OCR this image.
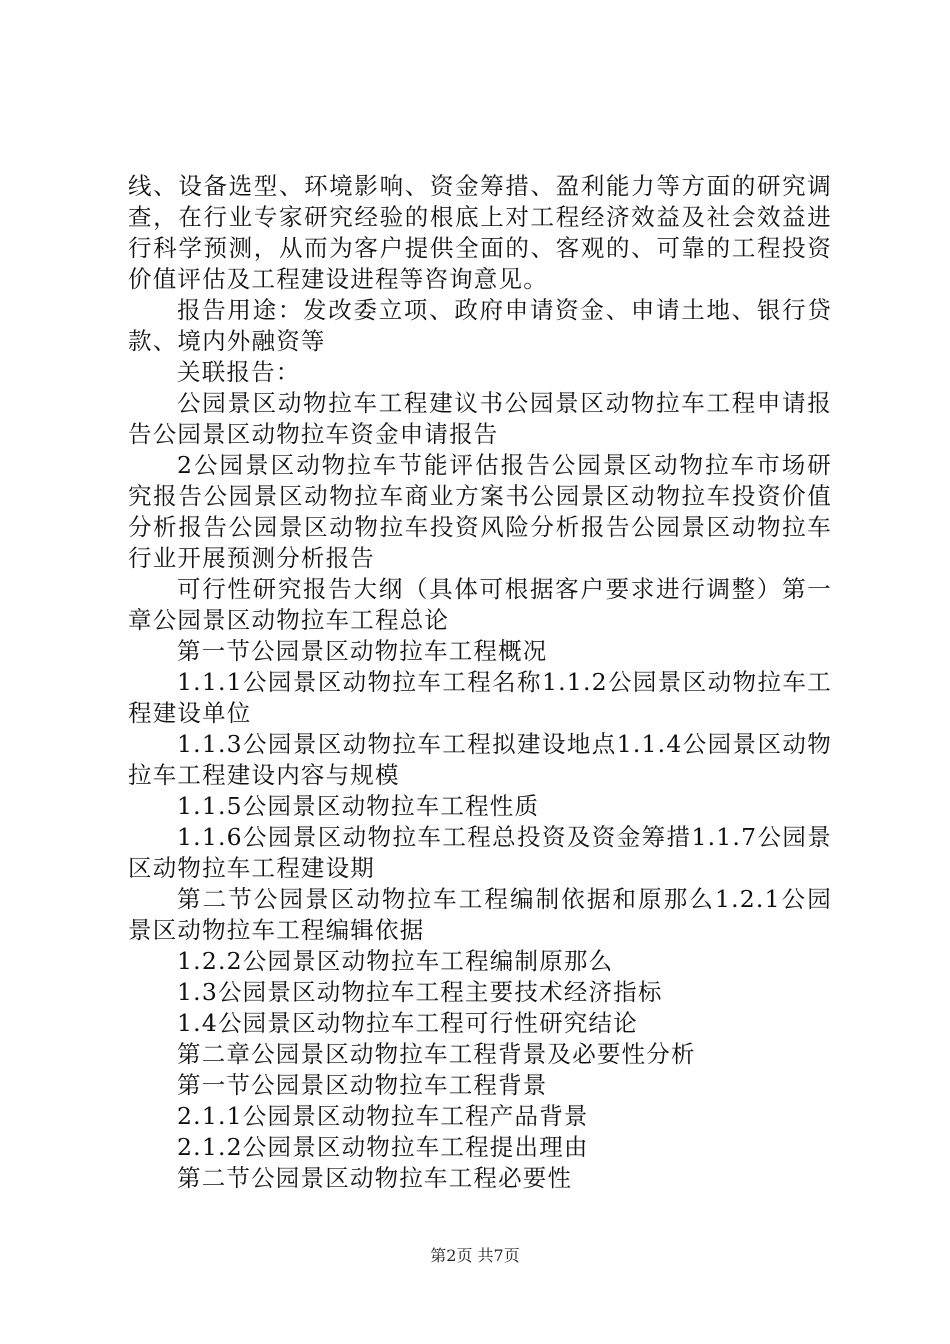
线、设备选型、环境影响、资金筹措、盈利能力等方面的研究调查，在行业专家研究经验的根底上对工程经济效益及社会效益进行科学预测，从而为客户提供全面的、客观的、可靠的工程投资价值评估及工程建设进程等咨询意见。

报告用途：发改委立项、政府申请资金、申请土地、银行贷款、境内外融资等

关联报告：

公园景区动物拉车工程建议书公园景区动物拉车工程申请报告公园景区动物拉车资金申请报告

2公园景区动物拉车节能评估报告公园景区动物拉车市场研究报告公园景区动物拉车商业方案书公园景区动物拉车投资价值分析报告公园景区动物拉车投资风险分析报告公园景区动物拉车行业开展预测分析报告

可行性研究报告大纲（具体可根据客户要求进行调整）第一章公园景区动物拉车工程总论

第一节公园景区动物拉车工程概况

1.1.1公园景区动物拉车工程名称1.1.2公园景区动物拉车工程建设单位

1.1.3公园景区动物拉车工程拟建设地点1.1.4公园景区动物拉车工程建设内容与规模

1.1.5公园景区动物拉车工程性质

1.1.6公园景区动物拉车工程总投资及资金筹措1.1.7公园景区动物拉车工程建设期

第二节公园景区动物拉车工程编制依据和原那么1.2.1公园景区动物拉车工程编辑依据

1.2.2公园景区动物拉车工程编制原那么

1.3公园景区动物拉车工程主要技术经济指标

1.4公园景区动物拉车工程可行性研究结论

第二章公园景区动物拉车工程背景及必要性分析

第一节公园景区动物拉车工程背景

2.1.1公园景区动物拉车工程产品背景

2.1.2公园景区动物拉车工程提出理由

第二节公园景区动物拉车工程必要性

第2页 共7页
